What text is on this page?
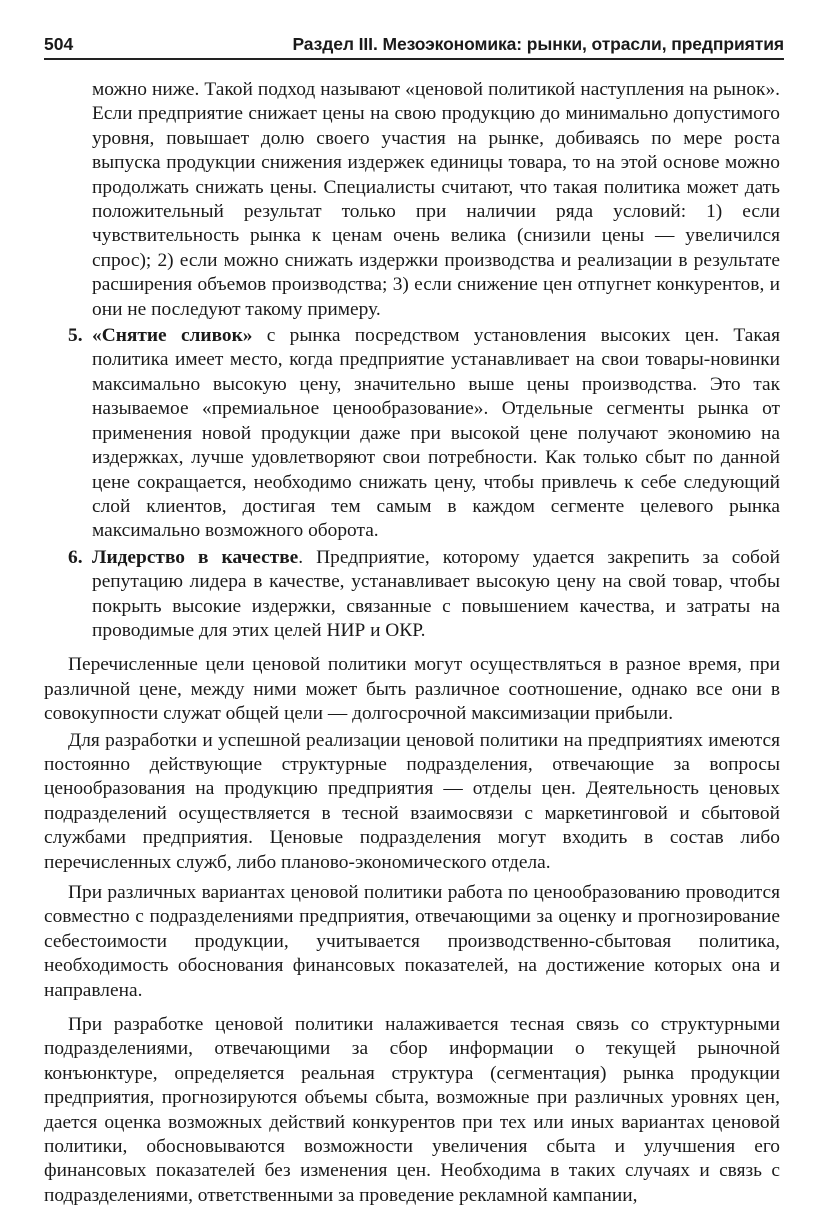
504	Раздел III. Мезоэкономика: рынки, отрасли, предприятия

можно ниже. Такой подход называют «ценовой политикой наступления на рынок». Если предприятие снижает цены на свою продукцию до минимально допустимого уровня, повышает долю своего участия на рынке, добиваясь по мере роста выпуска продукции снижения издержек единицы товара, то на этой основе можно продолжать снижать цены. Специалисты считают, что такая политика может дать положительный результат только при наличии ряда условий: 1) если чувствительность рынка к ценам очень велика (снизили цены — увеличился спрос); 2) если можно снижать издержки производства и реализации в результате расширения объемов производства; 3) если снижение цен отпугнет конкурентов, и они не последуют такому примеру.

5. «Снятие сливок» с рынка посредством установления высоких цен. Такая политика имеет место, когда предприятие устанавливает на свои товары-новинки максимально высокую цену, значительно выше цены производства. Это так называемое «премиальное ценообразование». Отдельные сегменты рынка от применения новой продукции даже при высокой цене получают экономию на издержках, лучше удовлетворяют свои потребности. Как только сбыт по данной цене сокращается, необходимо снижать цену, чтобы привлечь к себе следующий слой клиентов, достигая тем самым в каждом сегменте целевого рынка максимально возможного оборота.
6. Лидерство в качестве. Предприятие, которому удается закрепить за собой репутацию лидера в качестве, устанавливает высокую цену на свой товар, чтобы покрыть высокие издержки, связанные с повышением качества, и затраты на проводимые для этих целей НИР и ОКР.

Перечисленные цели ценовой политики могут осуществляться в разное время, при различной цене, между ними может быть различное соотношение, однако все они в совокупности служат общей цели — долгосрочной максимизации прибыли.

Для разработки и успешной реализации ценовой политики на предприятиях имеются постоянно действующие структурные подразделения, отвечающие за вопросы ценообразования на продукцию предприятия — отделы цен. Деятельность ценовых подразделений осуществляется в тесной взаимосвязи с маркетинговой и сбытовой службами предприятия. Ценовые подразделения могут входить в состав либо перечисленных служб, либо планово-экономического отдела.

При различных вариантах ценовой политики работа по ценообразованию проводится совместно с подразделениями предприятия, отвечающими за оценку и прогнозирование себестоимости продукции, учитывается производственно-сбытовая политика, необходимость обоснования финансовых показателей, на достижение которых она и направлена.

При разработке ценовой политики налаживается тесная связь со структурными подразделениями, отвечающими за сбор информации о текущей рыночной конъюнктуре, определяется реальная структура (сегментация) рынка продукции предприятия, прогнозируются объемы сбыта, возможные при различных уровнях цен, дается оценка возможных действий конкурентов при тех или иных вариантах ценовой политики, обосновываются возможности увеличения сбыта и улучшения его финансовых показателей без изменения цен. Необходима в таких случаях и связь с подразделениями, ответственными за проведение рекламной кампании,
